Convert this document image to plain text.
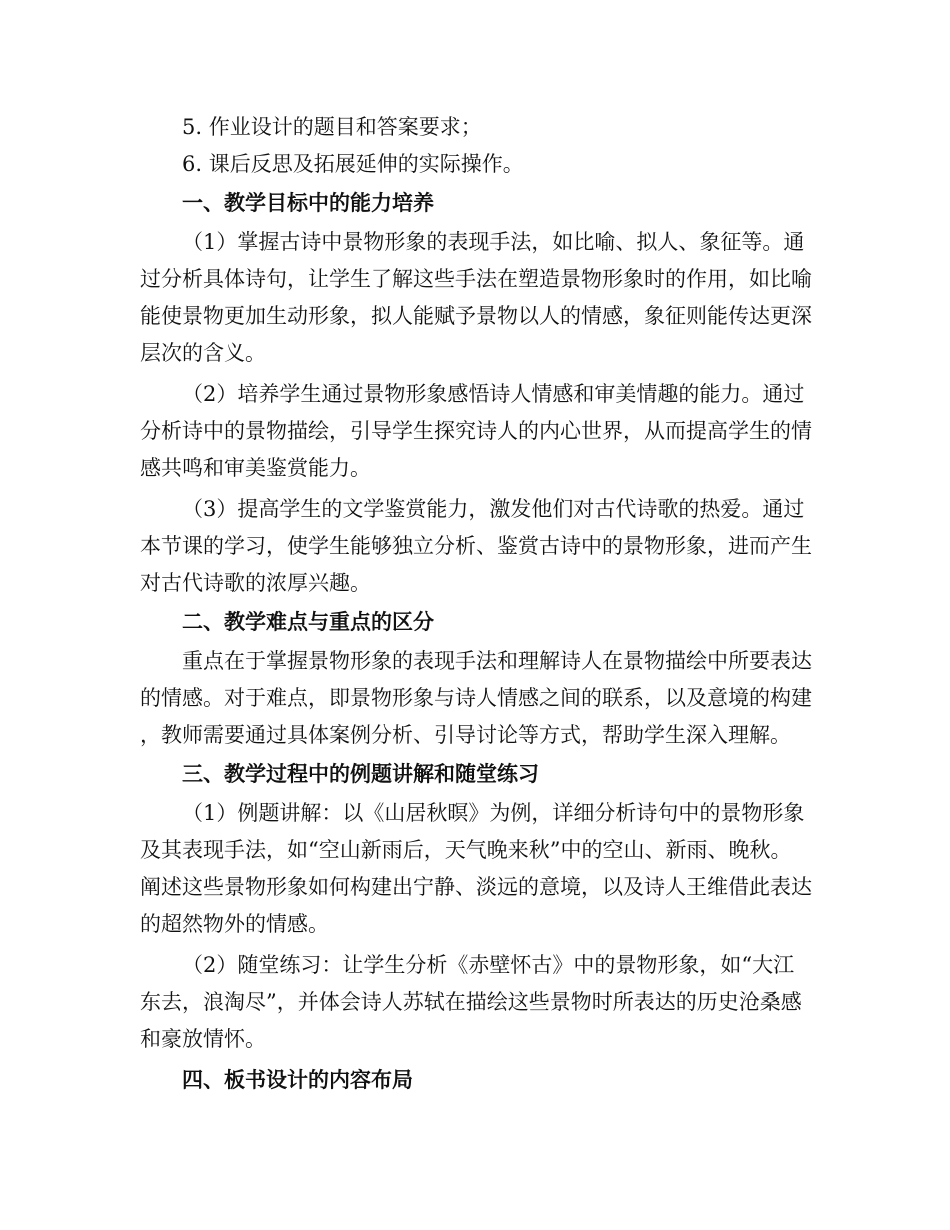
5. 作业设计的题目和答案要求；

6. 课后反思及拓展延伸的实际操作。

一、教学目标中的能力培养

（1）掌握古诗中景物形象的表现手法，如比喻、拟人、象征等。通过分析具体诗句，让学生了解这些手法在塑造景物形象时的作用，如比喻能使景物更加生动形象，拟人能赋予景物以人的情感，象征则能传达更深层次的含义。

（2）培养学生通过景物形象感悟诗人情感和审美情趣的能力。通过分析诗中的景物描绘，引导学生探究诗人的内心世界，从而提高学生的情感共鸣和审美鉴赏能力。

（3）提高学生的文学鉴赏能力，激发他们对古代诗歌的热爱。通过本节课的学习，使学生能够独立分析、鉴赏古诗中的景物形象，进而产生对古代诗歌的浓厚兴趣。

二、教学难点与重点的区分

重点在于掌握景物形象的表现手法和理解诗人在景物描绘中所要表达的情感。对于难点，即景物形象与诗人情感之间的联系，以及意境的构建，教师需要通过具体案例分析、引导讨论等方式，帮助学生深入理解。

三、教学过程中的例题讲解和随堂练习

（1）例题讲解：以《山居秋暝》为例，详细分析诗句中的景物形象及其表现手法，如“空山新雨后，天气晚来秋”中的空山、新雨、晚秋。阐述这些景物形象如何构建出宁静、淡远的意境，以及诗人王维借此表达的超然物外的情感。

（2）随堂练习：让学生分析《赤壁怀古》中的景物形象，如“大江东去，浪淘尽”，并体会诗人苏轼在描绘这些景物时所表达的历史沧桑感和豪放情怀。

四、板书设计的内容布局
